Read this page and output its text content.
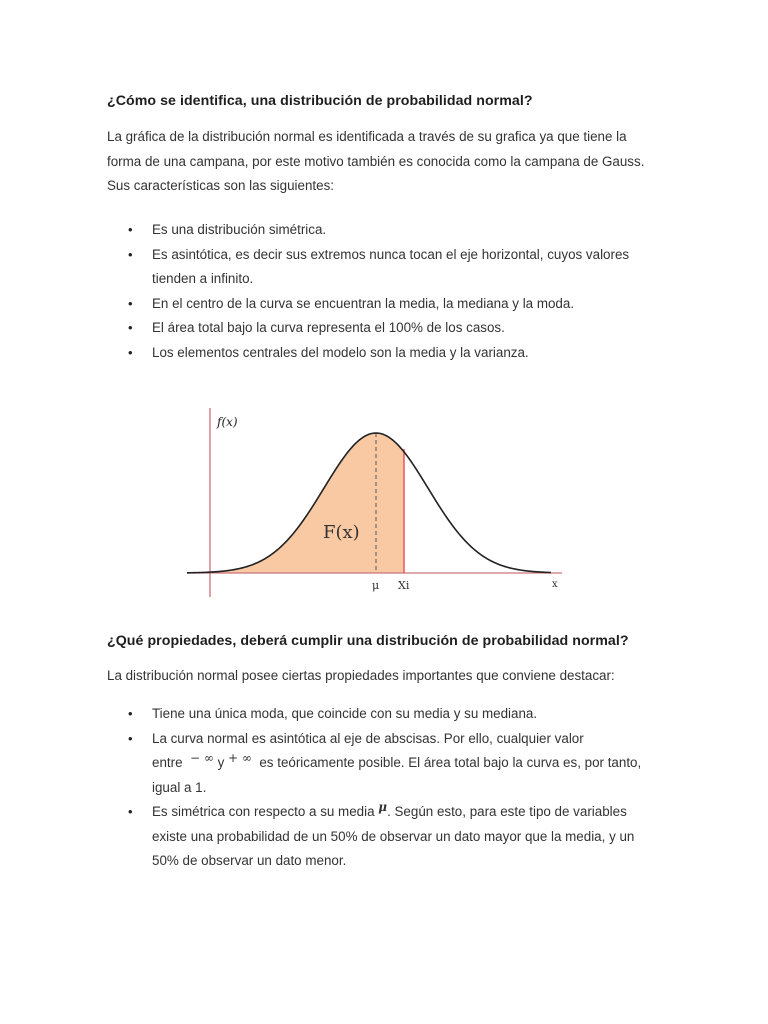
¿Cómo se identifica, una distribución de probabilidad normal?

La gráfica de la distribución normal es identificada a través de su grafica ya que tiene la
forma de una campana, por este motivo también es conocida como la campana de Gauss.
Sus características son las siguientes:

• Es una distribución simétrica.
• Es asintótica, es decir sus extremos nunca tocan el eje horizontal, cuyos valores
tienden a infinito.
• En el centro de la curva se encuentran la media, la mediana y la moda.
• El área total bajo la curva representa el 100% de los casos.
• Los elementos centrales del modelo son la media y la varianza.
f(x)
F(x)
μ Xi	x
¿Qué propiedades, deberá cumplir una distribución de probabilidad normal?

La distribución normal posee ciertas propiedades importantes que conviene destacar:

• Tiene una única moda, que coincide con su media y su mediana.
• La curva normal es asintótica al eje de abscisas. Por ello, cualquier valor
entre − ∞ y + ∞ es teóricamente posible. El área total bajo la curva es, por tanto,
igual a 1.
• Es simétrica con respecto a su media μ. Según esto, para este tipo de variables
existe una probabilidad de un 50% de observar un dato mayor que la media, y un
50% de observar un dato menor.
